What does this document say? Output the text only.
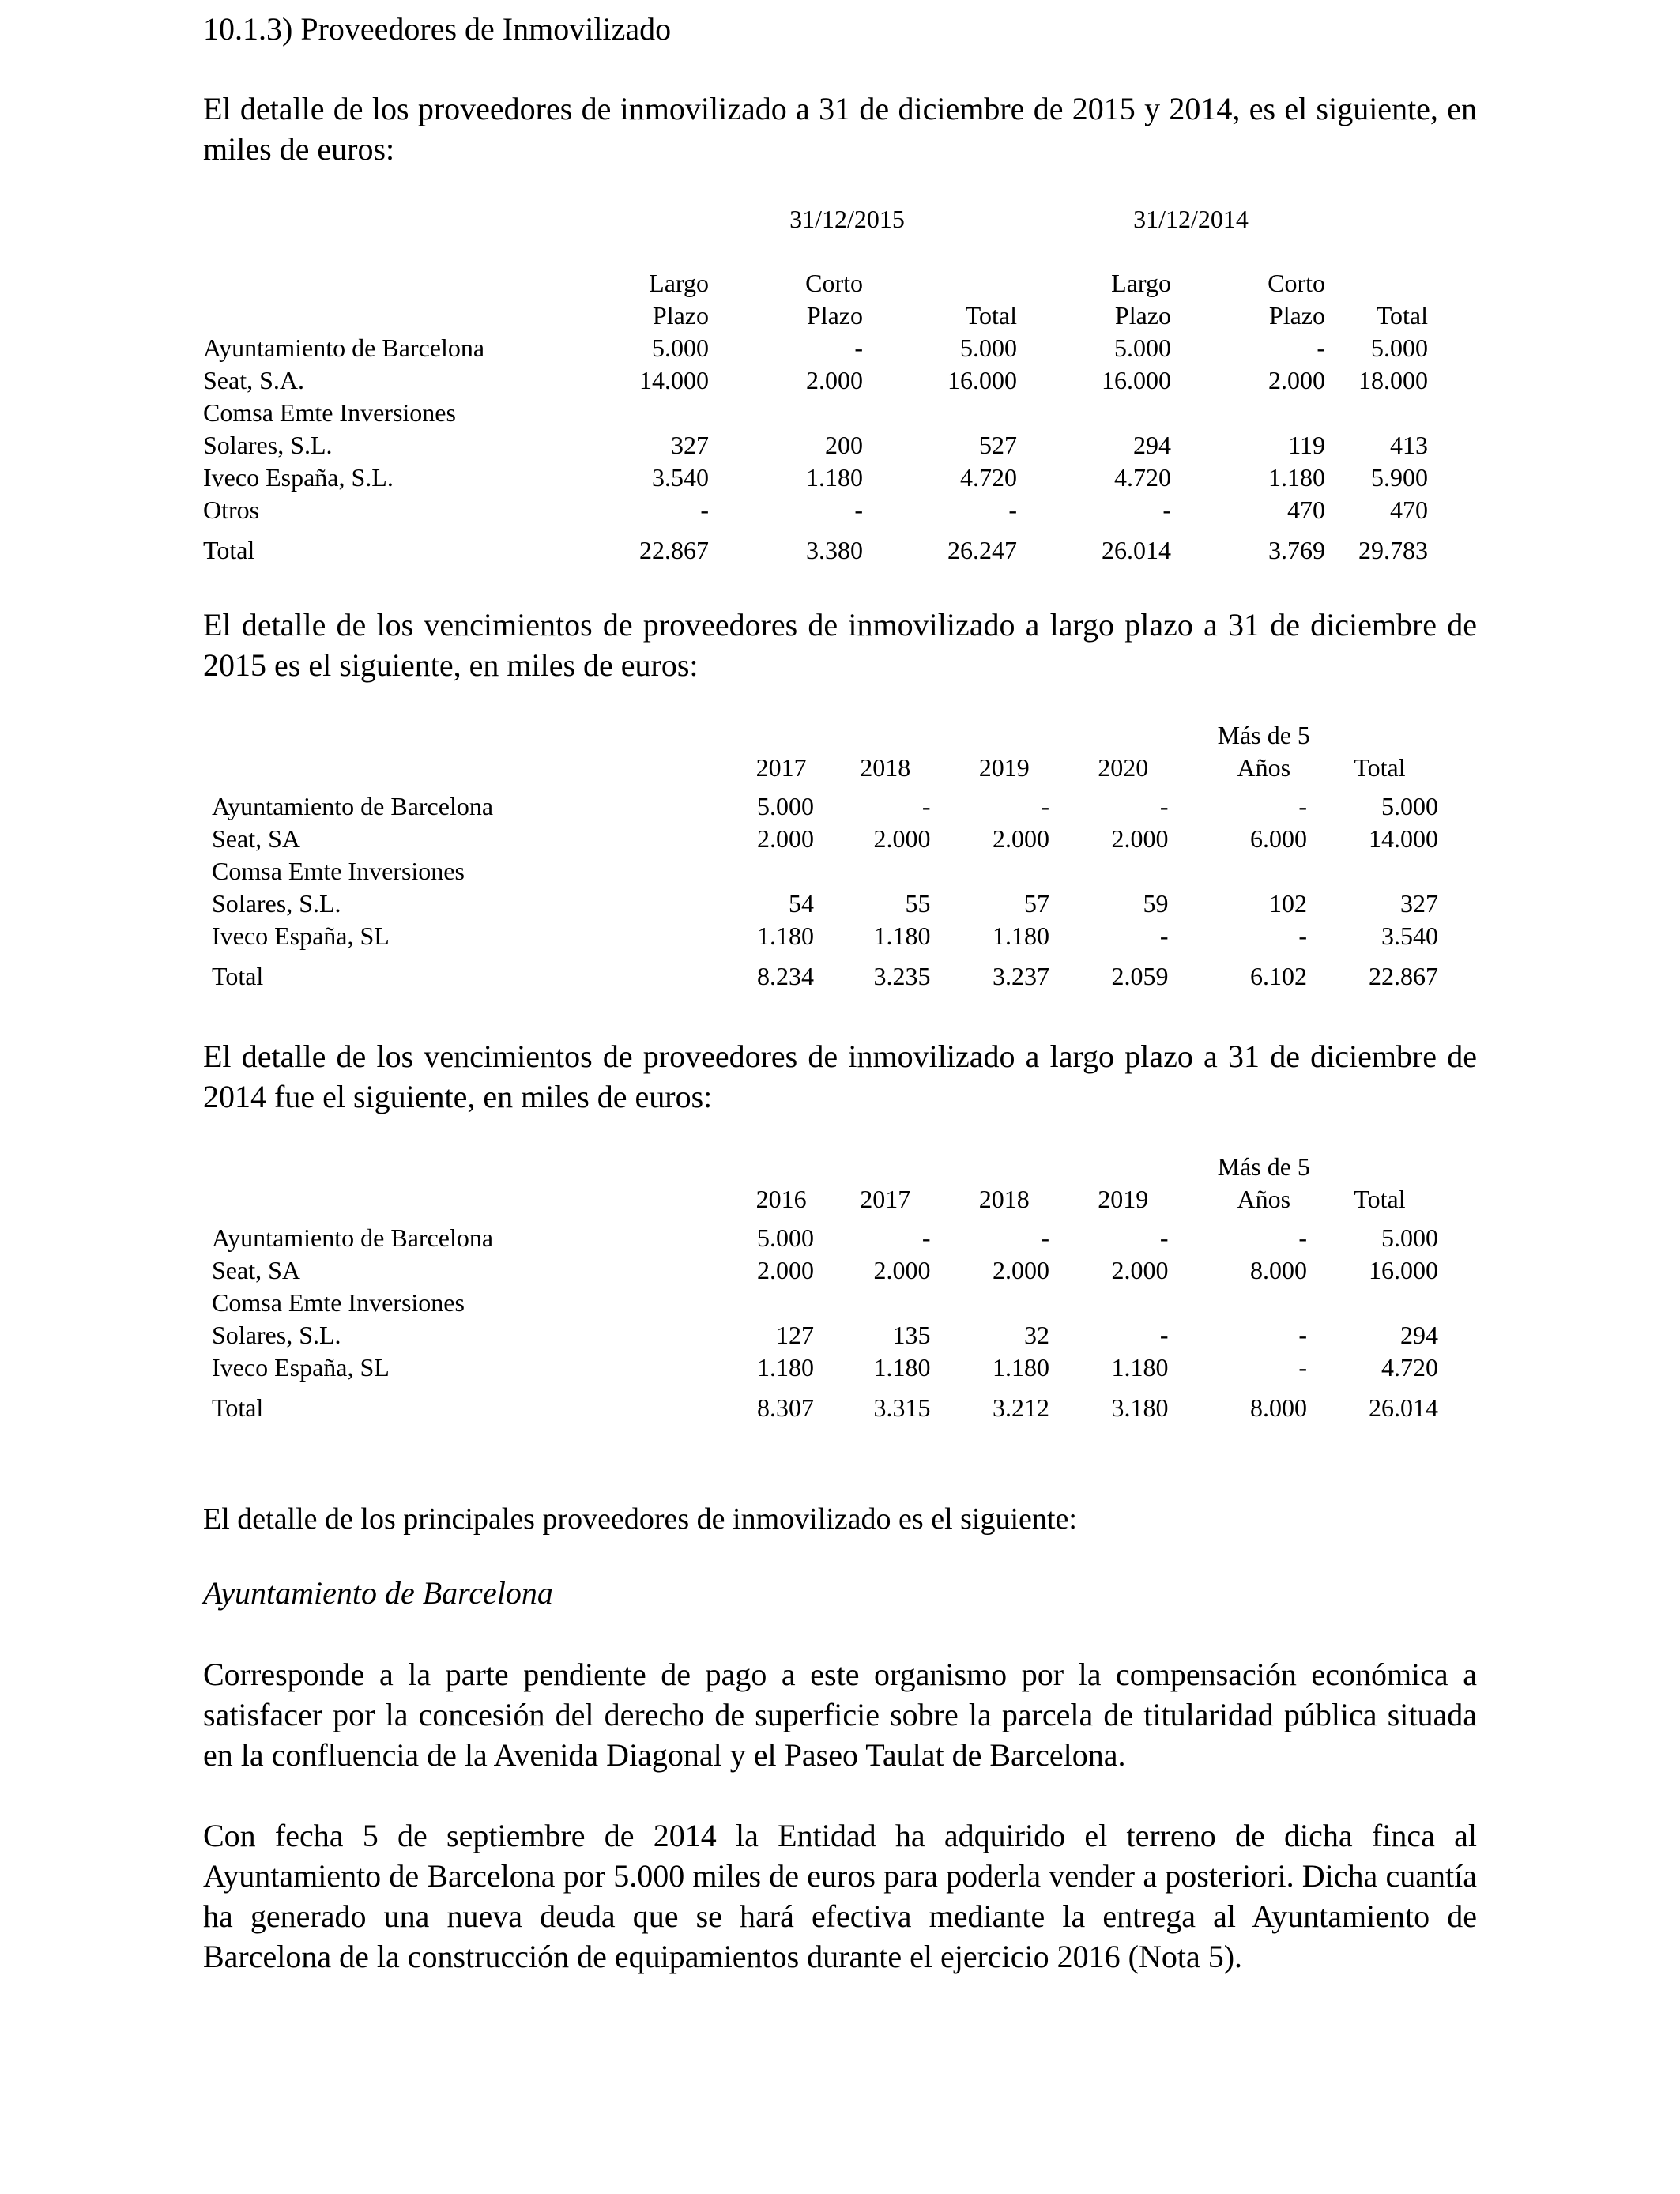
10.1.3) Proveedores de Inmovilizado

El detalle de los proveedores de inmovilizado a 31 de diciembre de 2015 y 2014, es el siguiente, en miles de euros:

	31/12/2015			31/12/2014		

	Largo	Corto		Largo	Corto	
	Plazo	Plazo	Total	Plazo	Plazo	Total
Ayuntamiento de Barcelona	5.000	-	5.000	5.000	-	5.000
Seat, S.A.	14.000	2.000	16.000	16.000	2.000	18.000
Comsa Emte Inversiones						
Solares, S.L.	327	200	527	294	119	413
Iveco España, S.L.	3.540	1.180	4.720	4.720	1.180	5.900
Otros	-	-	-	-	470	470
Total	22.867	3.380	26.247	26.014	3.769	29.783

El detalle de los vencimientos de proveedores de inmovilizado a largo plazo a 31 de diciembre de 2015 es el siguiente, en miles de euros:

					Más de 5	
	2017	2018	2019	2020	Años	Total

Ayuntamiento de Barcelona	5.000	-	-	-	-	5.000
Seat, SA	2.000	2.000	2.000	2.000	6.000	14.000
Comsa Emte Inversiones						
Solares, S.L.	54	55	57	59	102	327
Iveco España, SL	1.180	1.180	1.180	-	-	3.540
Total	8.234	3.235	3.237	2.059	6.102	22.867

El detalle de los vencimientos de proveedores de inmovilizado a largo plazo a 31 de diciembre de 2014 fue el siguiente, en miles de euros:

					Más de 5	
	2016	2017	2018	2019	Años	Total

Ayuntamiento de Barcelona	5.000	-	-	-	-	5.000
Seat, SA	2.000	2.000	2.000	2.000	8.000	16.000
Comsa Emte Inversiones						
Solares, S.L.	127	135	32	-	-	294
Iveco España, SL	1.180	1.180	1.180	1.180	-	4.720
Total	8.307	3.315	3.212	3.180	8.000	26.014

El detalle de los principales proveedores de inmovilizado es el siguiente:

Ayuntamiento de Barcelona

Corresponde a la parte pendiente de pago a este organismo por la compensación económica a satisfacer por la concesión del derecho de superficie sobre la parcela de titularidad pública situada en la confluencia de la Avenida Diagonal y el Paseo Taulat de Barcelona.

Con fecha 5 de septiembre de 2014 la Entidad ha adquirido el terreno de dicha finca al Ayuntamiento de Barcelona por 5.000 miles de euros para poderla vender a posteriori. Dicha cuantía ha generado una nueva deuda que se hará efectiva mediante la entrega al Ayuntamiento de Barcelona de la construcción de equipamientos durante el ejercicio 2016 (Nota 5).
